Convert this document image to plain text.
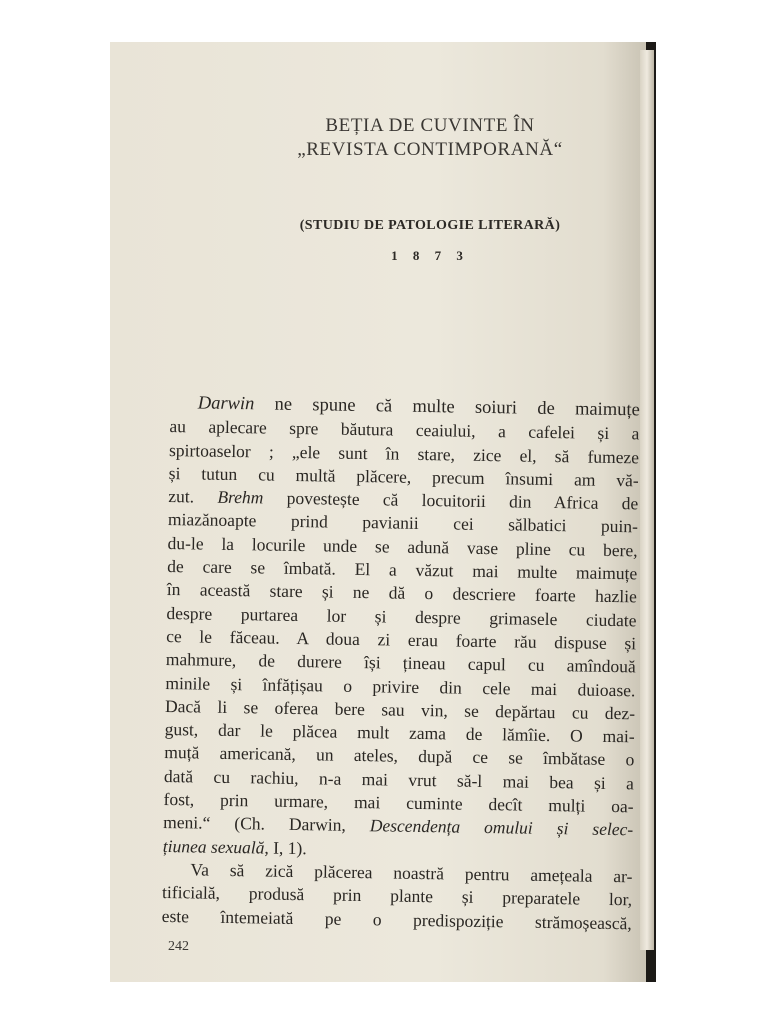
BEȚIA DE CUVINTE ÎN
„REVISTA CONTIMPORANĂ“
(STUDIU DE PATOLOGIE LITERARĂ)
1 8 7 3
Darwin ne spune că multe soiuri de maimuțe
au aplecare spre băutura ceaiului, a cafelei și a
spirtoaselor ; „ele sunt în stare, zice el, să fumeze
și tutun cu multă plăcere, precum însumi am vă-
zut. Brehm povestește că locuitorii din Africa de
miazănoapte prind pavianii cei sălbatici puin-
du-le la locurile unde se adună vase pline cu bere,
de care se îmbată. El a văzut mai multe maimuțe
în această stare și ne dă o descriere foarte hazlie
despre purtarea lor și despre grimasele ciudate
ce le făceau. A doua zi erau foarte rău dispuse și
mahmure, de durere își țineau capul cu amîndouă
minile și înfățișau o privire din cele mai duioase.
Dacă li se oferea bere sau vin, se depărtau cu dez-
gust, dar le plăcea mult zama de lămîie. O mai-
muță americană, un ateles, după ce se îmbătase o
dată cu rachiu, n-a mai vrut să-l mai bea și a
fost, prin urmare, mai cuminte decît mulți oa-
meni.“ (Ch. Darwin, Descendența omului și selec-
țiunea sexuală, I, 1).
Va să zică plăcerea noastră pentru amețeala ar-
tificială, produsă prin plante și preparatele lor,
este întemeiată pe o predispoziție strămoșească,
242
